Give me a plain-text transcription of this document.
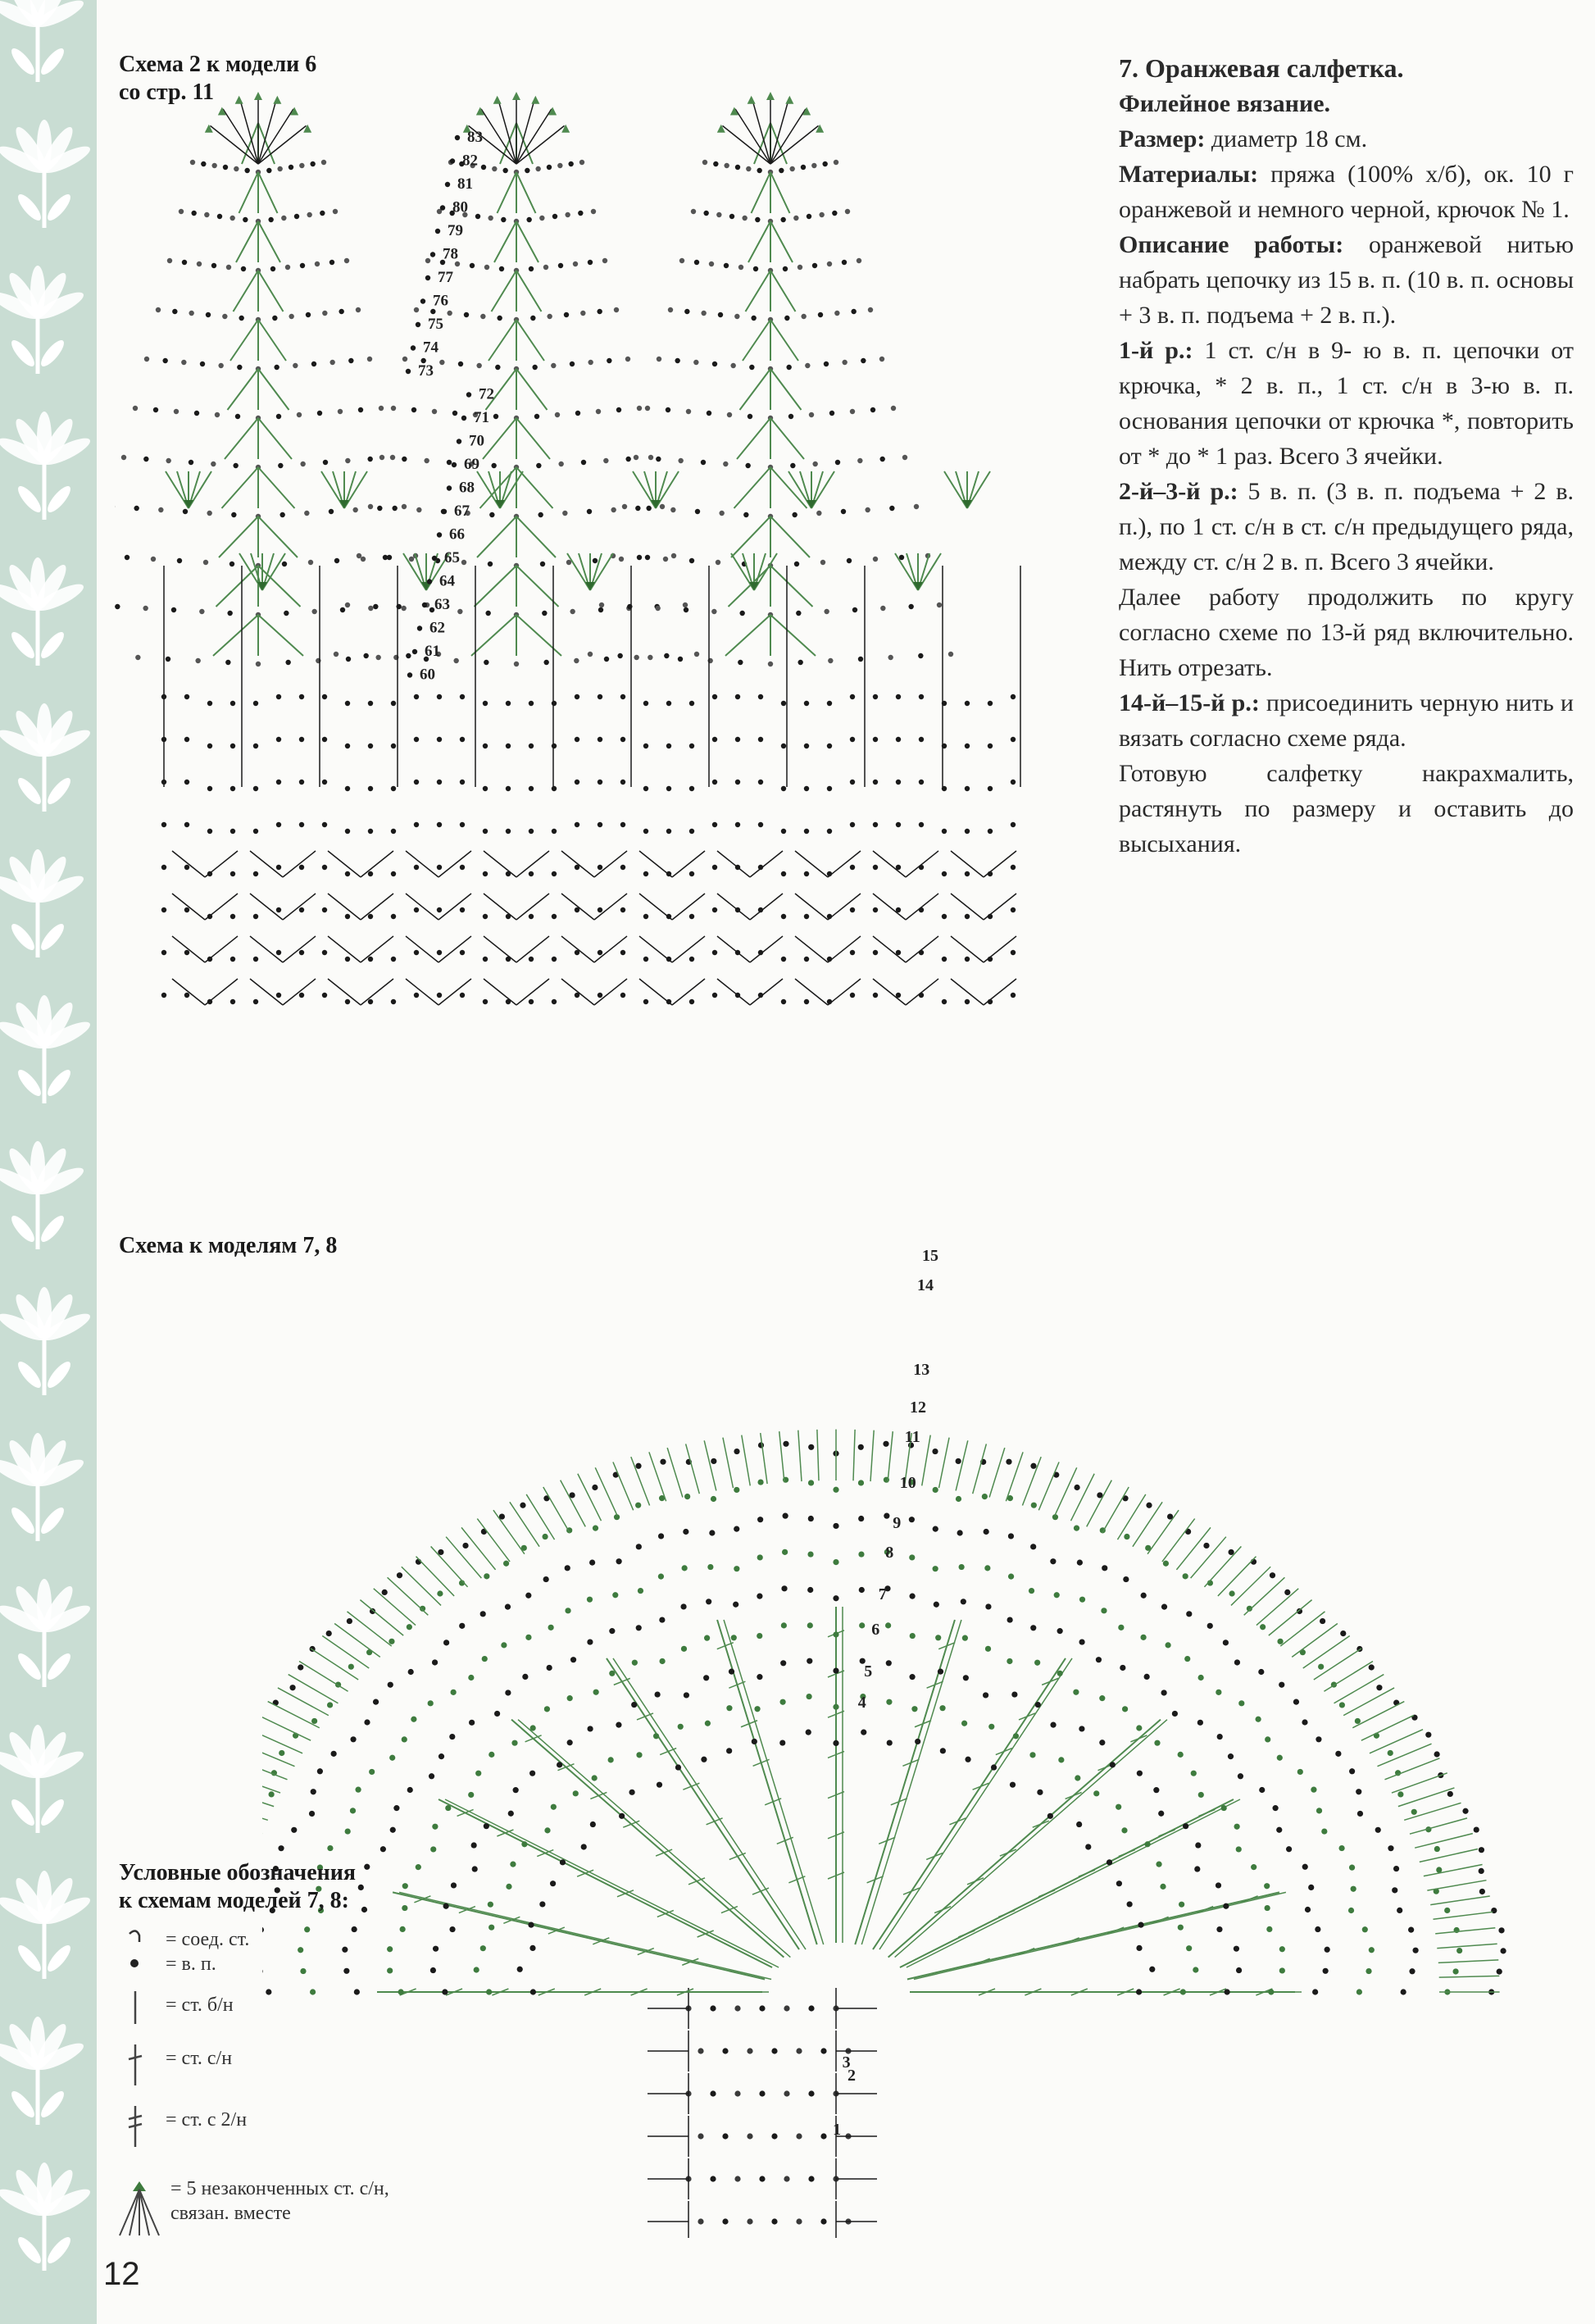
Схема 2 к модели 6
со стр. 11
83
82
81
80
79
78
77
76
75
74
73
72
71
70
69
68
67
66
65
64
63
62
61
60

7. Оранжевая салфетка.

Филейное вязание.

Размер: диаметр 18 см.

Материалы: пряжа (100% х/б), ок. 10 г оранжевой и немного черной, крючок № 1.

Описание работы: оранжевой нитью набрать цепочку из 15 в. п. (10 в. п. основы + 3 в. п. подъема + 2 в. п.).

1-й р.: 1 ст. с/н в 9- ю в. п. цепочки от крючка, * 2 в. п., 1 ст. с/н в 3-ю в. п. основания цепочки от крючка *, повторить от * до * 1 раз. Всего 3 ячейки.

2-й–3-й р.: 5 в. п. (3 в. п. подъема + 2 в. п.), по 1 ст. с/н в ст. с/н предыдущего ряда, между ст. с/н 2 в. п. Всего 3 ячейки.

Далее работу продолжить по кругу согласно схеме по 13-й ряд включительно. Нить отрезать.

14-й–15-й р.: присоединить черную нить и вязать согласно схеме ряда.

Готовую салфетку накрахмалить, растянуть по размеру и оставить до высыхания.

Схема к моделям 7, 8	15
14
13
12
11
10
9
8
7
6
5
4
3
2
1
Условные обозначения
к схемам моделей 7, 8:
= соед. ст.
= в. п.
= ст. б/н
= ст. с/н
= ст. с 2/н
= 5 незаконченных ст. с/н, связан. вместе
12
